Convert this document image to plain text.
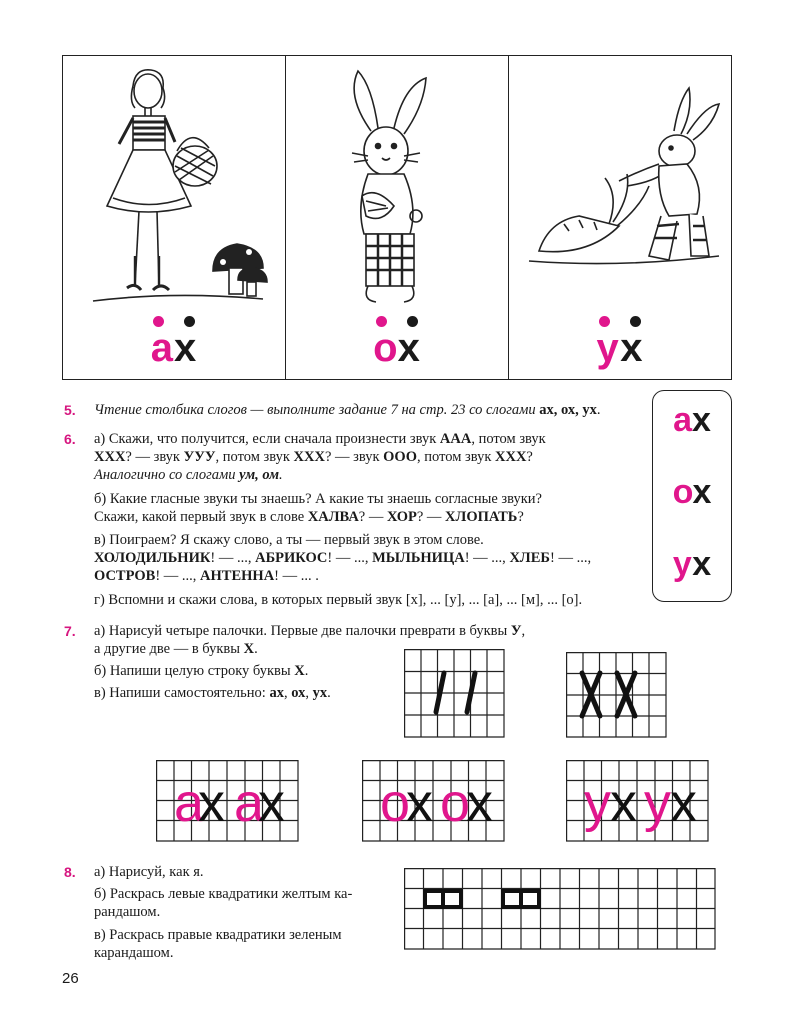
ах	ох	ух
5. Чтение столбика слогов — выполните задание 7 на стр. 23 со слогами ах, ох, ух.	ах
ох
ух
6. а) Скажи, что получится, если сначала произнести звук ААА, потом звук
ХХХ? — звук УУУ, потом звук ХХХ? — звук ООО, потом звук ХХХ?
Аналогично со слогами ум, ом.
б) Какие гласные звуки ты знаешь? А какие ты знаешь согласные звуки?
Скажи, какой первый звук в слове ХАЛВА? — ХОР? — ХЛОПАТЬ?
в) Поиграем? Я скажу слово, а ты — первый звук в этом слове.
ХОЛОДИЛЬНИК! — ..., АБРИКОС! — ..., МЫЛЬНИЦА! — ..., ХЛЕБ! — ...,
ОСТРОВ! — ..., АНТЕННА! — ... .
г) Вспомни и скажи слова, в которых первый звук [х], ... [у], ... [а], ... [м], ... [о].
7. а) Нарисуй четыре палочки. Первые две палочки преврати в буквы У,
а другие две — в буквы Х.
б) Напиши целую строку буквы Х.
в) Напиши самостоятельно: ах, ох, ух.
а
х а
х о
х о
х у х у х
8. а) Нарисуй, как я.
б) Раскрась левые квадратики желтым ка-
рандашом.
в) Раскрась правые квадратики зеленым
карандашом.
26
